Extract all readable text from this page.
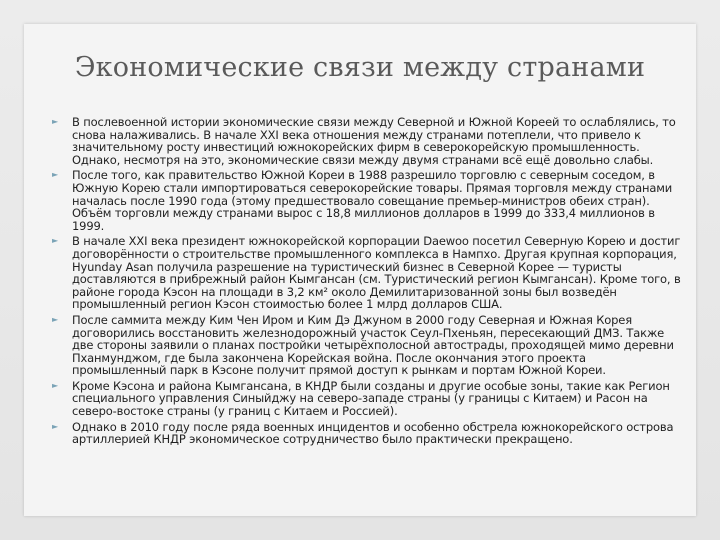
Экономические связи между странами
► В послевоенной истории экономические связи между Северной и Южной Кореей то ослаблялись, то снова налаживались. В начале XXI века отношения между странами потеплели, что привело к значительному росту инвестиций южнокорейских фирм в северокорейскую промышленность. Однако, несмотря на это, экономические связи между двумя странами всё ещё довольно слабы.
► После того, как правительство Южной Кореи в 1988 разрешило торговлю с северным соседом, в Южную Корею стали импортироваться северокорейские товары. Прямая торговля между странами началась после 1990 года (этому предшествовало совещание премьер-министров обеих стран). Объём торговли между странами вырос с 18,8 миллионов долларов в 1999 до 333,4 миллионов в 1999.
► В начале XXI века президент южнокорейской корпорации Daewoo посетил Северную Корею и достиг договорённости о строительстве промышленного комплекса в Нампхо. Другая крупная корпорация, Hyunday Asan получила разрешение на туристический бизнес в Северной Корее — туристы доставляются в прибрежный район Кымгансан (см. Туристический регион Кымгансан). Кроме того, в районе города Кэсон на площади в 3,2 км² около Демилитаризованной зоны был возведён промышленный регион Кэсон стоимостью более 1 млрд долларов США.
► После саммита между Ким Чен Иром и Ким Дэ Джуном в 2000 году Северная и Южная Корея договорились восстановить железнодорожный участок Сеул-Пхеньян, пересекающий ДМЗ. Также две стороны заявили о планах постройки четырёхполосной автострады, проходящей мимо деревни Пханмунджом, где была закончена Корейская война. После окончания этого проекта промышленный парк в Кэсоне получит прямой доступ к рынкам и портам Южной Кореи.
► Кроме Кэсона и района Кымгансана, в КНДР были созданы и другие особые зоны, такие как Регион специального управления Синыйджу на северо-западе страны (у границы с Китаем) и Расон на северо-востоке страны (у границ с Китаем и Россией).
► Однако в 2010 году после ряда военных инцидентов и особенно обстрела южнокорейского острова артиллерией КНДР экономическое сотрудничество было практически прекращено.
